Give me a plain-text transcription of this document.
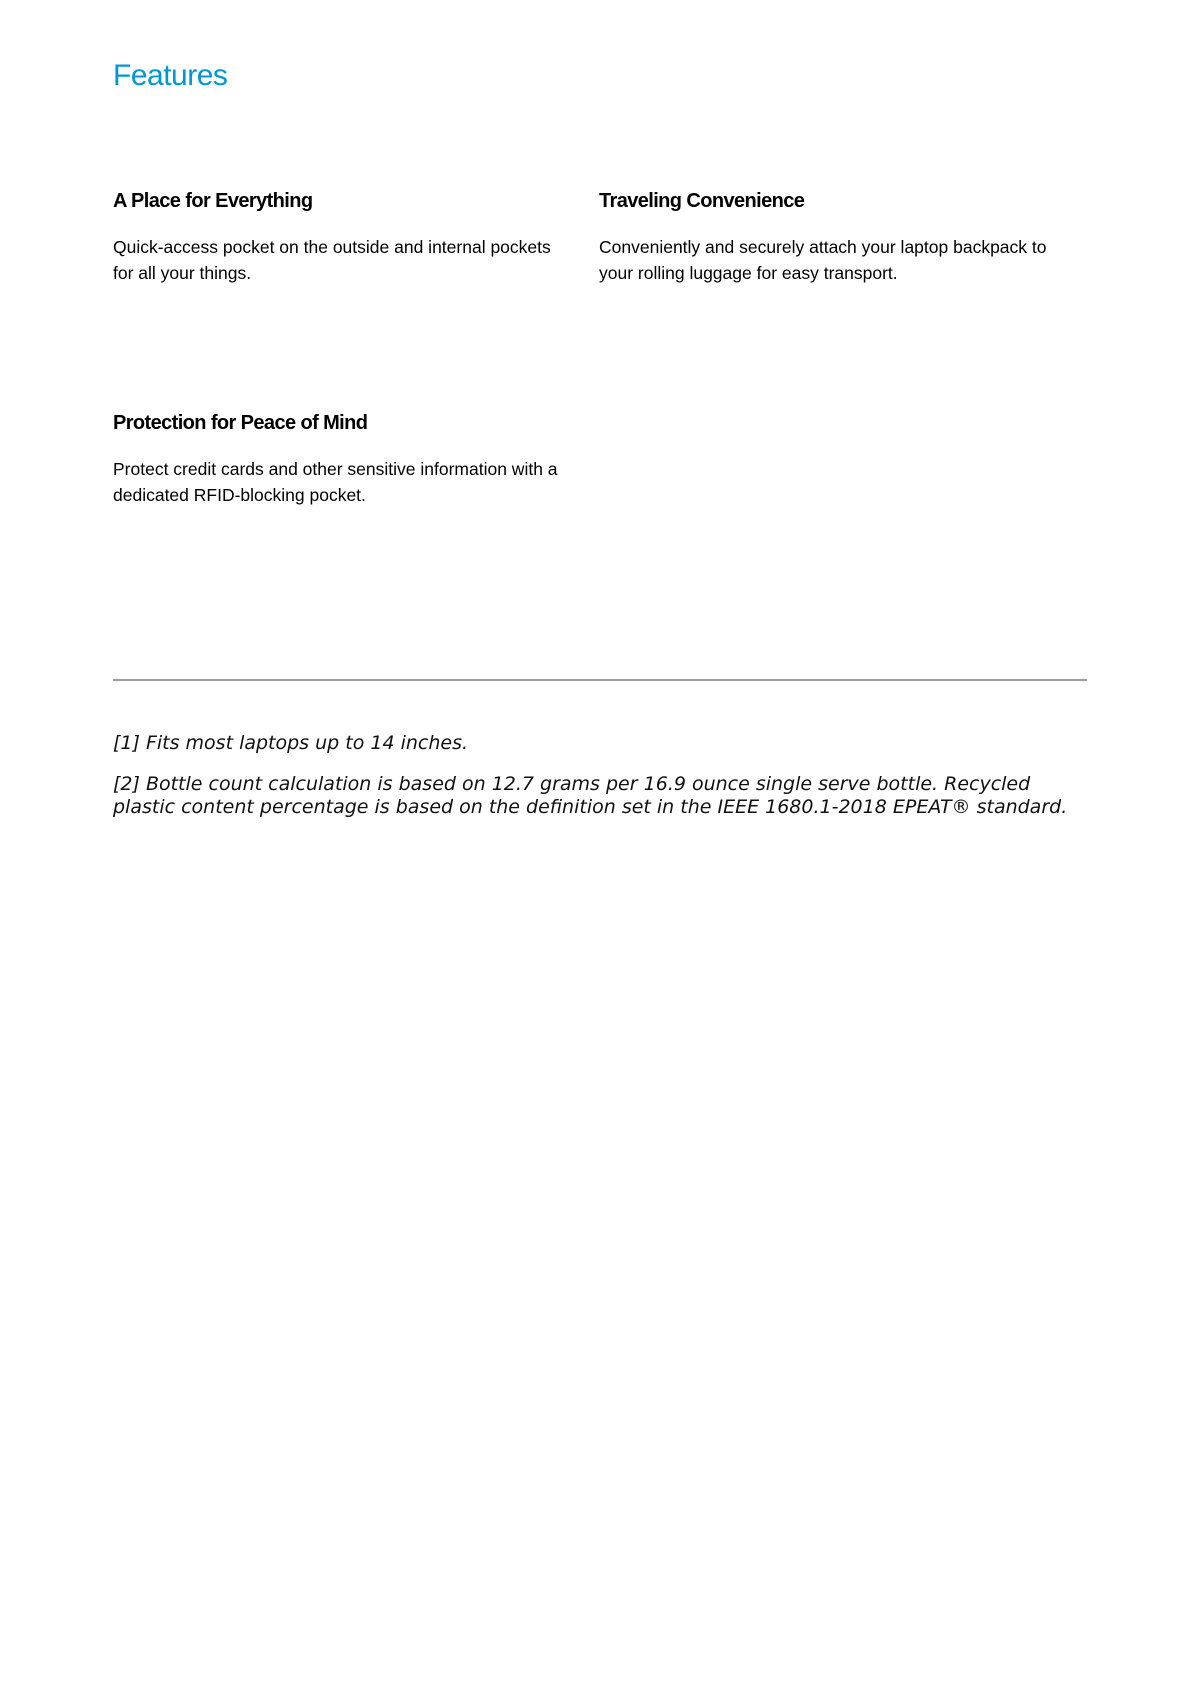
Features
A Place for Everything

Quick-access pocket on the outside and internal pockets for all your things.

Traveling Convenience

Conveniently and securely attach your laptop backpack to your rolling luggage for easy transport.

Protection for Peace of Mind

Protect credit cards and other sensitive information with a dedicated RFID-blocking pocket.

[1] Fits most laptops up to 14 inches.

[2] Bottle count calculation is based on 12.7 grams per 16.9 ounce single serve bottle. Recycled plastic content percentage is based on the definition set in the IEEE 1680.1-2018 EPEAT® standard.
